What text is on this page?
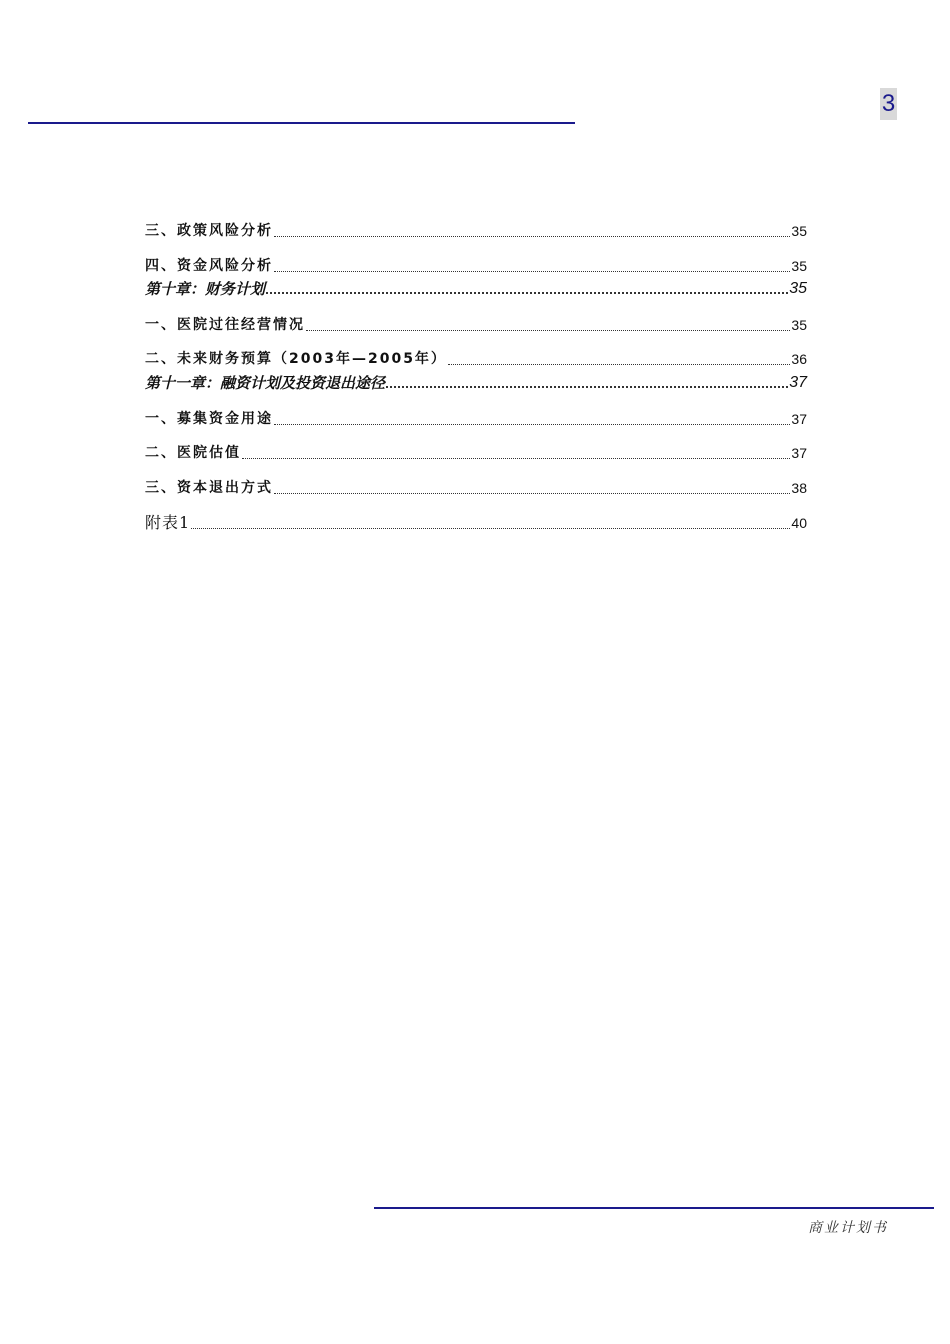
3
三、政策风险分析	35
四、资金风险分析	35
第十章：财务计划	35
一、医院过往经营情况	35
二、未来财务预算（2003年—2005年）	36
第十一章：融资计划及投资退出途径	37
一、募集资金用途	37
二、医院估值	37
三、资本退出方式	38
附表1	40
商业计划书
